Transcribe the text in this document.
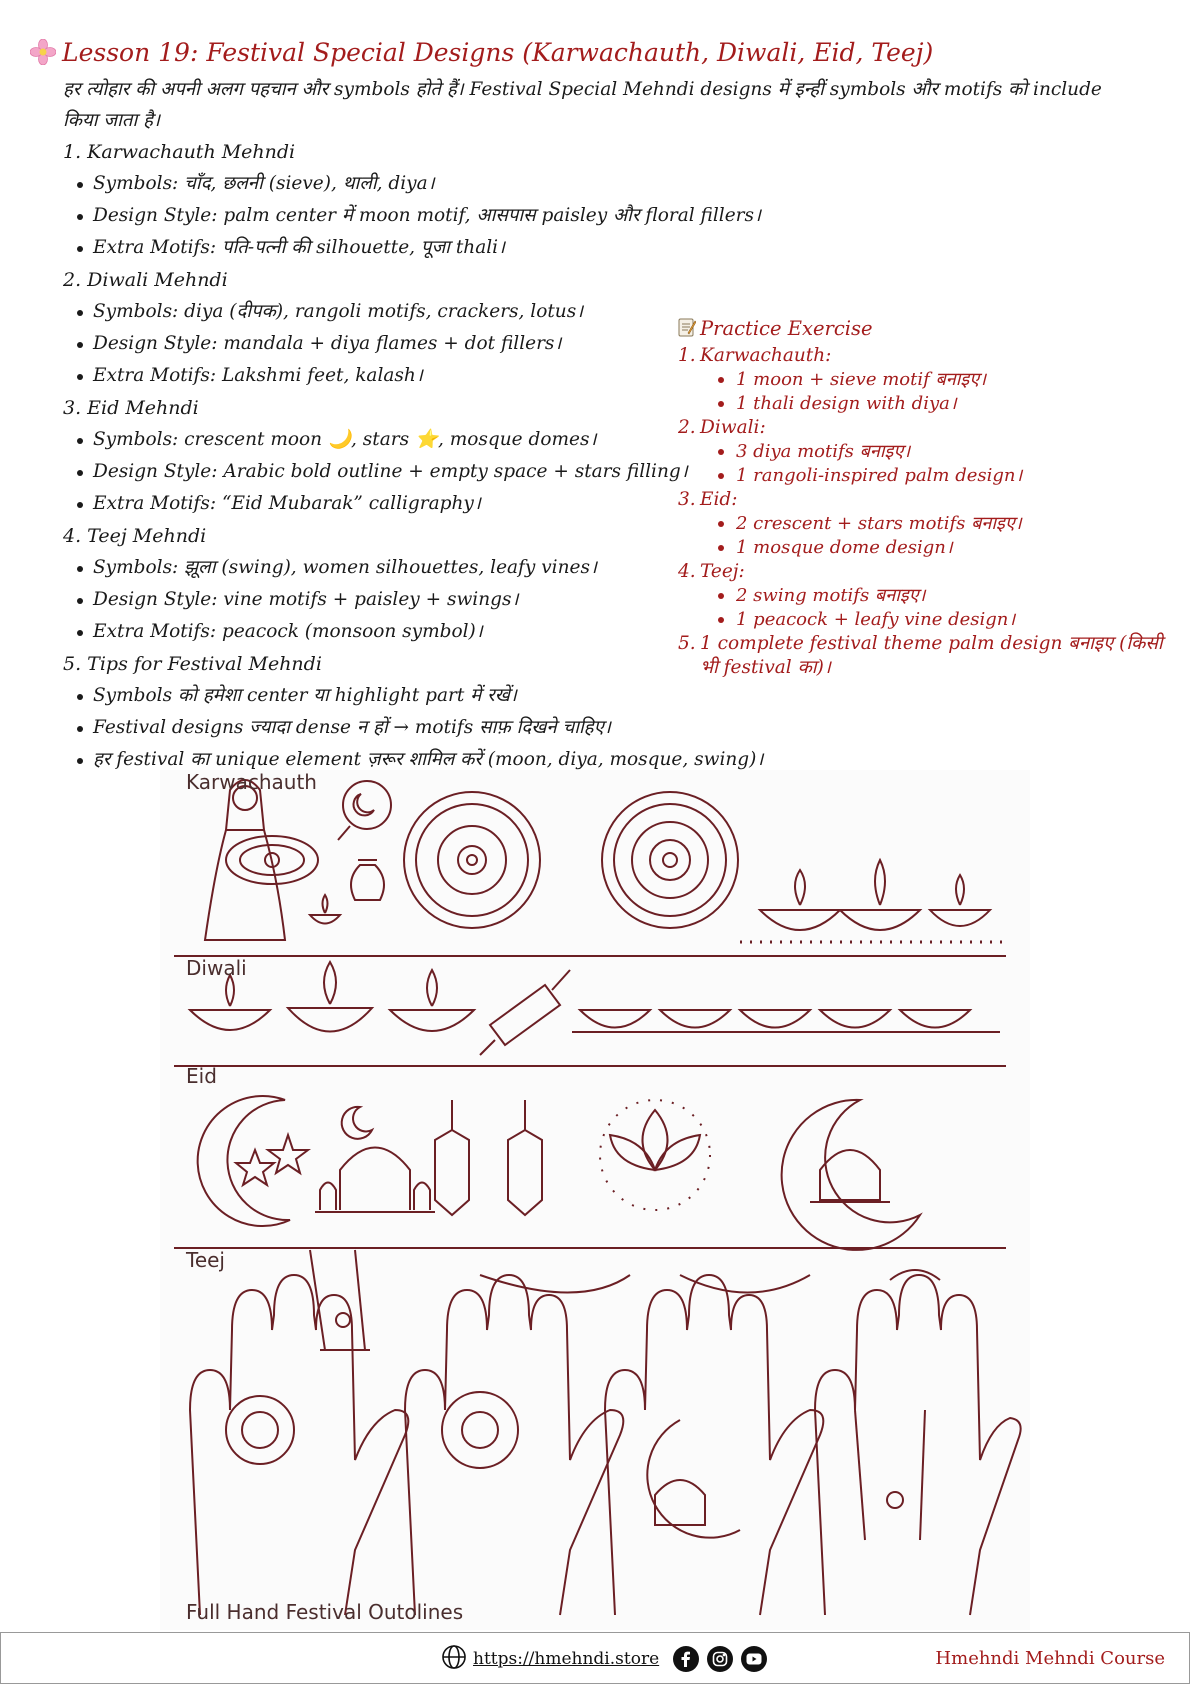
Lesson 19: Festival Special Designs (Karwachauth, Diwali, Eid, Teej)
हर त्योहार की अपनी अलग पहचान और symbols होते हैं। Festival Special Mehndi designs में इन्हीं symbols और motifs को include किया जाता है।
1. Karwachauth Mehndi
Symbols: चाँद, छलनी (sieve), थाली, diya।
Design Style: palm center में moon motif, आसपास paisley और floral fillers।
Extra Motifs: पति-पत्नी की silhouette, पूजा thali।
2. Diwali Mehndi
Symbols: diya (दीपक), rangoli motifs, crackers, lotus।
Design Style: mandala + diya flames + dot fillers।
Extra Motifs: Lakshmi feet, kalash।
3. Eid Mehndi
Symbols: crescent moon 🌙, stars ⭐, mosque domes।
Design Style: Arabic bold outline + empty space + stars filling।
Extra Motifs: “Eid Mubarak” calligraphy।
4. Teej Mehndi
Symbols: झूला (swing), women silhouettes, leafy vines।
Design Style: vine motifs + paisley + swings।
Extra Motifs: peacock (monsoon symbol)।
5. Tips for Festival Mehndi
Symbols को हमेशा center या highlight part में रखें।
Festival designs ज्यादा dense न हों → motifs साफ़ दिखने चाहिए।
हर festival का unique element ज़रूर शामिल करें (moon, diya, mosque, swing)।
Practice Exercise
1. Karwachauth:
1 moon + sieve motif बनाइए।
1 thali design with diya।
2. Diwali:
3 diya motifs बनाइए।
1 rangoli-inspired palm design।
3. Eid:
2 crescent + stars motifs बनाइए।
1 mosque dome design।
4. Teej:
2 swing motifs बनाइए।
1 peacock + leafy vine design।
5. 1 complete festival theme palm design बनाइए (किसी
भी festival का)।
Karwachauth
Diwali
Eid
Teej
Full Hand Festival Outolines
https://hmehndi.store	Hmehndi Mehndi Course
